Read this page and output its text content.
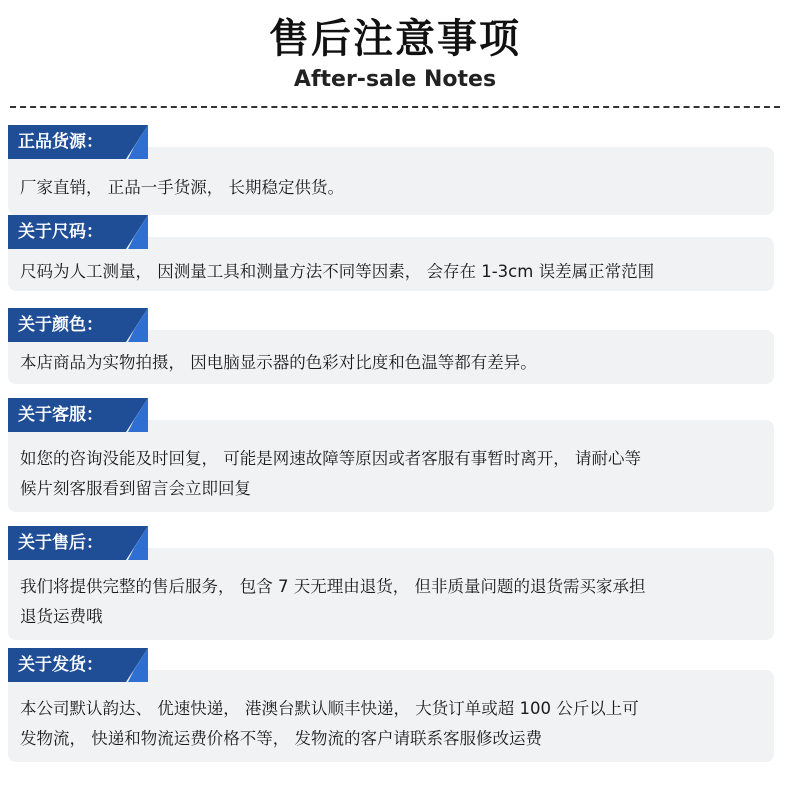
售后注意事项
After-sale Notes
厂家直销， 正品一手货源， 长期稳定供货。
正品货源：
尺码为人工测量， 因测量工具和测量方法不同等因素， 会存在 1-3cm 误差属正常范围
关于尺码：
本店商品为实物拍摄， 因电脑显示器的色彩对比度和色温等都有差异。
关于颜色：
如您的咨询没能及时回复， 可能是网速故障等原因或者客服有事暂时离开， 请耐心等
候片刻客服看到留言会立即回复
关于客服：
我们将提供完整的售后服务， 包含 7 天无理由退货， 但非质量问题的退货需买家承担
退货运费哦
关于售后：
本公司默认韵达、 优速快递， 港澳台默认顺丰快递， 大货订单或超 100 公斤以上可
发物流， 快递和物流运费价格不等， 发物流的客户请联系客服修改运费
关于发货：
